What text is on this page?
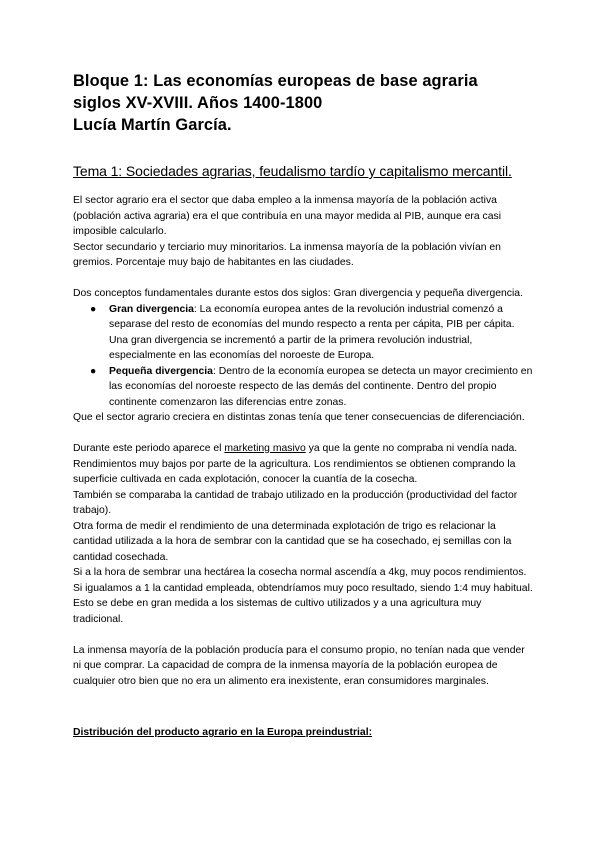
Bloque 1: Las economías europeas de base agraria
siglos XV-XVIII. Años 1400-1800
Lucía Martín García.
Tema 1: Sociedades agrarias, feudalismo tardío y capitalismo mercantil.

El sector agrario era el sector que daba empleo a la inmensa mayoría de la población activa (población activa agraria) era el que contribuía en una mayor medida al PIB, aunque era casi imposible calcularlo.

Sector secundario y terciario muy minoritarios. La inmensa mayoría de la población vivían en gremios. Porcentaje muy bajo de habitantes en las ciudades.

Dos conceptos fundamentales durante estos dos siglos: Gran divergencia y pequeña divergencia.

● Gran divergencia: La economía europea antes de la revolución industrial comenzó a separase del resto de economías del mundo respecto a renta per cápita, PIB per cápita. Una gran divergencia se incrementó a partir de la primera revolución industrial, especialmente en las economías del noroeste de Europa.
● Pequeña divergencia: Dentro de la economía europea se detecta un mayor crecimiento en las economías del noroeste respecto de las demás del continente. Dentro del propio continente comenzaron las diferencias entre zonas.

Que el sector agrario creciera en distintas zonas tenía que tener consecuencias de diferenciación.

Durante este periodo aparece el marketing masivo ya que la gente no compraba ni vendía nada. Rendimientos muy bajos por parte de la agricultura. Los rendimientos se obtienen comprando la superficie cultivada en cada explotación, conocer la cuantía de la cosecha.

También se comparaba la cantidad de trabajo utilizado en la producción (productividad del factor trabajo).

Otra forma de medir el rendimiento de una determinada explotación de trigo es relacionar la cantidad utilizada a la hora de sembrar con la cantidad que se ha cosechado, ej semillas con la cantidad cosechada.

Si a la hora de sembrar una hectárea la cosecha normal ascendía a 4kg, muy pocos rendimientos. Si igualamos a 1 la cantidad empleada, obtendríamos muy poco resultado, siendo 1:4 muy habitual. Esto se debe en gran medida a los sistemas de cultivo utilizados y a una agricultura muy tradicional.

La inmensa mayoría de la población producía para el consumo propio, no tenían nada que vender ni que comprar. La capacidad de compra de la inmensa mayoría de la población europea de cualquier otro bien que no era un alimento era inexistente, eran consumidores marginales.

Distribución del producto agrario en la Europa preindustrial:
